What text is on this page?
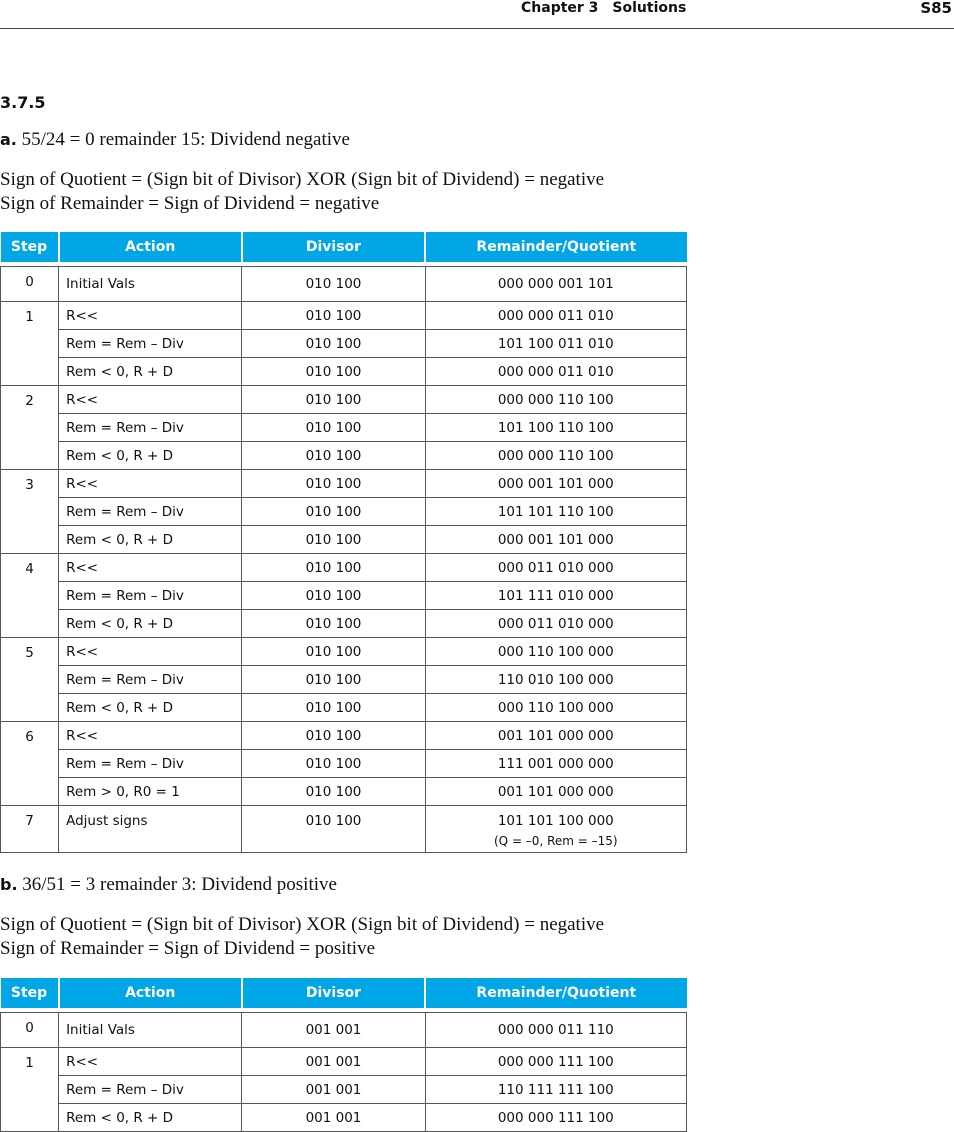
Chapter 3 Solutions	S85
3.7.5
a. 55/24 = 0 remainder 15: Dividend negative
Sign of Quotient = (Sign bit of Divisor) XOR (Sign bit of Dividend) = negative
Sign of Remainder = Sign of Dividend = negative
Step	Action	Divisor	Remainder/Quotient

0	Initial Vals	010 100	000 000 001 101
1	R<<	010 100	000 000 011 010
	Rem = Rem – Div	010 100	101 100 011 010
	Rem < 0, R + D	010 100	000 000 011 010
2	R<<	010 100	000 000 110 100
	Rem = Rem – Div	010 100	101 100 110 100
	Rem < 0, R + D	010 100	000 000 110 100
3	R<<	010 100	000 001 101 000
	Rem = Rem – Div	010 100	101 101 110 100
	Rem < 0, R + D	010 100	000 001 101 000
4	R<<	010 100	000 011 010 000
	Rem = Rem – Div	010 100	101 111 010 000
	Rem < 0, R + D	010 100	000 011 010 000
5	R<<	010 100	000 110 100 000
	Rem = Rem – Div	010 100	110 010 100 000
	Rem < 0, R + D	010 100	000 110 100 000
6	R<<	010 100	001 101 000 000
	Rem = Rem – Div	010 100	111 001 000 000
	Rem > 0, R0 = 1	010 100	001 101 000 000
7	Adjust signs	010 100	101 101 100 000
(Q = –0, Rem = –15)
b. 36/51 = 3 remainder 3: Dividend positive
Sign of Quotient = (Sign bit of Divisor) XOR (Sign bit of Dividend) = negative
Sign of Remainder = Sign of Dividend = positive
Step	Action	Divisor	Remainder/Quotient

0	Initial Vals	001 001	000 000 011 110
1	R<<	001 001	000 000 111 100
	Rem = Rem – Div	001 001	110 111 111 100
	Rem < 0, R + D	001 001	000 000 111 100
